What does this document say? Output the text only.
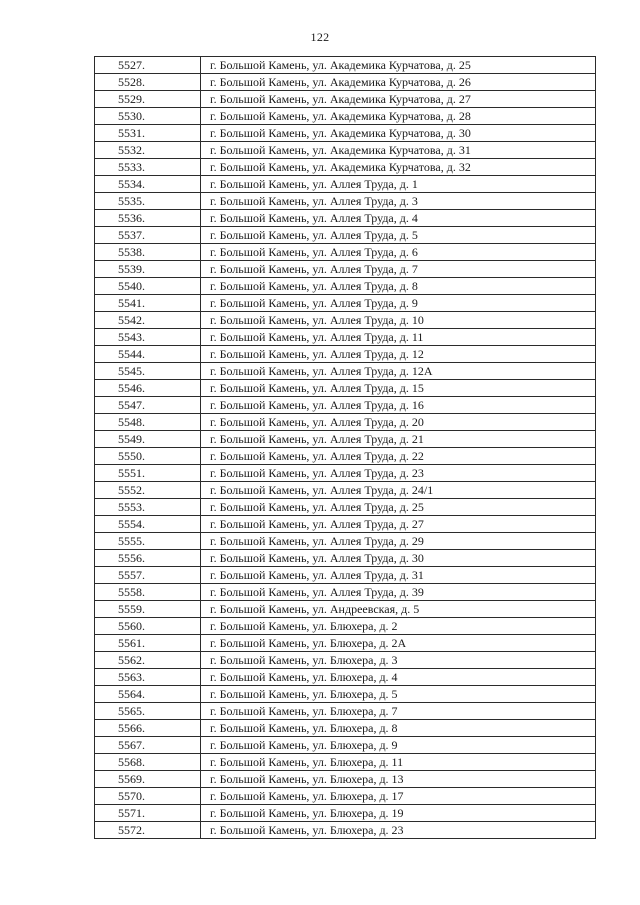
122
5527.	г. Большой Камень, ул. Академика Курчатова, д. 25
5528.	г. Большой Камень, ул. Академика Курчатова, д. 26
5529.	г. Большой Камень, ул. Академика Курчатова, д. 27
5530.	г. Большой Камень, ул. Академика Курчатова, д. 28
5531.	г. Большой Камень, ул. Академика Курчатова, д. 30
5532.	г. Большой Камень, ул. Академика Курчатова, д. 31
5533.	г. Большой Камень, ул. Академика Курчатова, д. 32
5534.	г. Большой Камень, ул. Аллея Труда, д. 1
5535.	г. Большой Камень, ул. Аллея Труда, д. 3
5536.	г. Большой Камень, ул. Аллея Труда, д. 4
5537.	г. Большой Камень, ул. Аллея Труда, д. 5
5538.	г. Большой Камень, ул. Аллея Труда, д. 6
5539.	г. Большой Камень, ул. Аллея Труда, д. 7
5540.	г. Большой Камень, ул. Аллея Труда, д. 8
5541.	г. Большой Камень, ул. Аллея Труда, д. 9
5542.	г. Большой Камень, ул. Аллея Труда, д. 10
5543.	г. Большой Камень, ул. Аллея Труда, д. 11
5544.	г. Большой Камень, ул. Аллея Труда, д. 12
5545.	г. Большой Камень, ул. Аллея Труда, д. 12А
5546.	г. Большой Камень, ул. Аллея Труда, д. 15
5547.	г. Большой Камень, ул. Аллея Труда, д. 16
5548.	г. Большой Камень, ул. Аллея Труда, д. 20
5549.	г. Большой Камень, ул. Аллея Труда, д. 21
5550.	г. Большой Камень, ул. Аллея Труда, д. 22
5551.	г. Большой Камень, ул. Аллея Труда, д. 23
5552.	г. Большой Камень, ул. Аллея Труда, д. 24/1
5553.	г. Большой Камень, ул. Аллея Труда, д. 25
5554.	г. Большой Камень, ул. Аллея Труда, д. 27
5555.	г. Большой Камень, ул. Аллея Труда, д. 29
5556.	г. Большой Камень, ул. Аллея Труда, д. 30
5557.	г. Большой Камень, ул. Аллея Труда, д. 31
5558.	г. Большой Камень, ул. Аллея Труда, д. 39
5559.	г. Большой Камень, ул. Андреевская, д. 5
5560.	г. Большой Камень, ул. Блюхера, д. 2
5561.	г. Большой Камень, ул. Блюхера, д. 2А
5562.	г. Большой Камень, ул. Блюхера, д. 3
5563.	г. Большой Камень, ул. Блюхера, д. 4
5564.	г. Большой Камень, ул. Блюхера, д. 5
5565.	г. Большой Камень, ул. Блюхера, д. 7
5566.	г. Большой Камень, ул. Блюхера, д. 8
5567.	г. Большой Камень, ул. Блюхера, д. 9
5568.	г. Большой Камень, ул. Блюхера, д. 11
5569.	г. Большой Камень, ул. Блюхера, д. 13
5570.	г. Большой Камень, ул. Блюхера, д. 17
5571.	г. Большой Камень, ул. Блюхера, д. 19
5572.	г. Большой Камень, ул. Блюхера, д. 23
